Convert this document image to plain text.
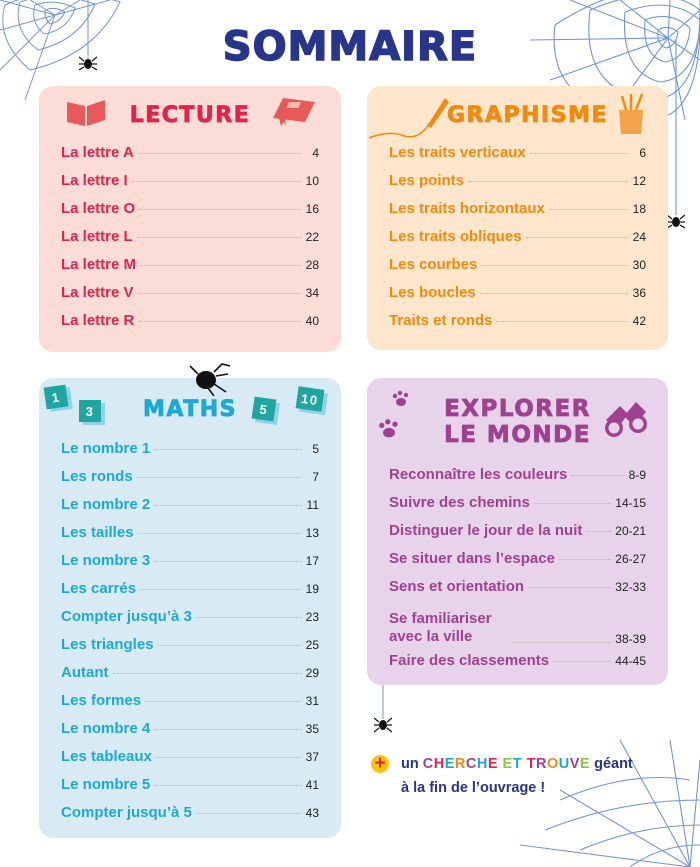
SOMMAIRE
LECTURE
La lettre A	4
La lettre I	10
La lettre O	16
La lettre L	22
La lettre M	28
La lettre V	34
La lettre R	40
GRAPHISME
Les traits verticaux	6
Les points	12
Les traits horizontaux	18
Les traits obliques	24
Les courbes	30
Les boucles	36
Traits et ronds	42
1
3	MATHS	5
10
Le nombre 1	5
Les ronds	7
Le nombre 2	11
Les tailles	13
Le nombre 3	17
Les carrés	19
Compter jusqu’à 3	23
Les triangles	25
Autant	29
Les formes	31
Le nombre 4	35
Les tableaux	37
Le nombre 5	41
Compter jusqu’à 5	43
EXPLORER
LE MONDE
Reconnaître les couleurs	8-9
Suivre des chemins	14-15
Distinguer le jour de la nuit	20-21
Se situer dans l’espace	26-27
Sens et orientation	32-33
Se familiariser avec la ville	38-39
Faire des classements	44-45
+ un CHERCHE ET TROUVE géant
à la fin de l’ouvrage !
